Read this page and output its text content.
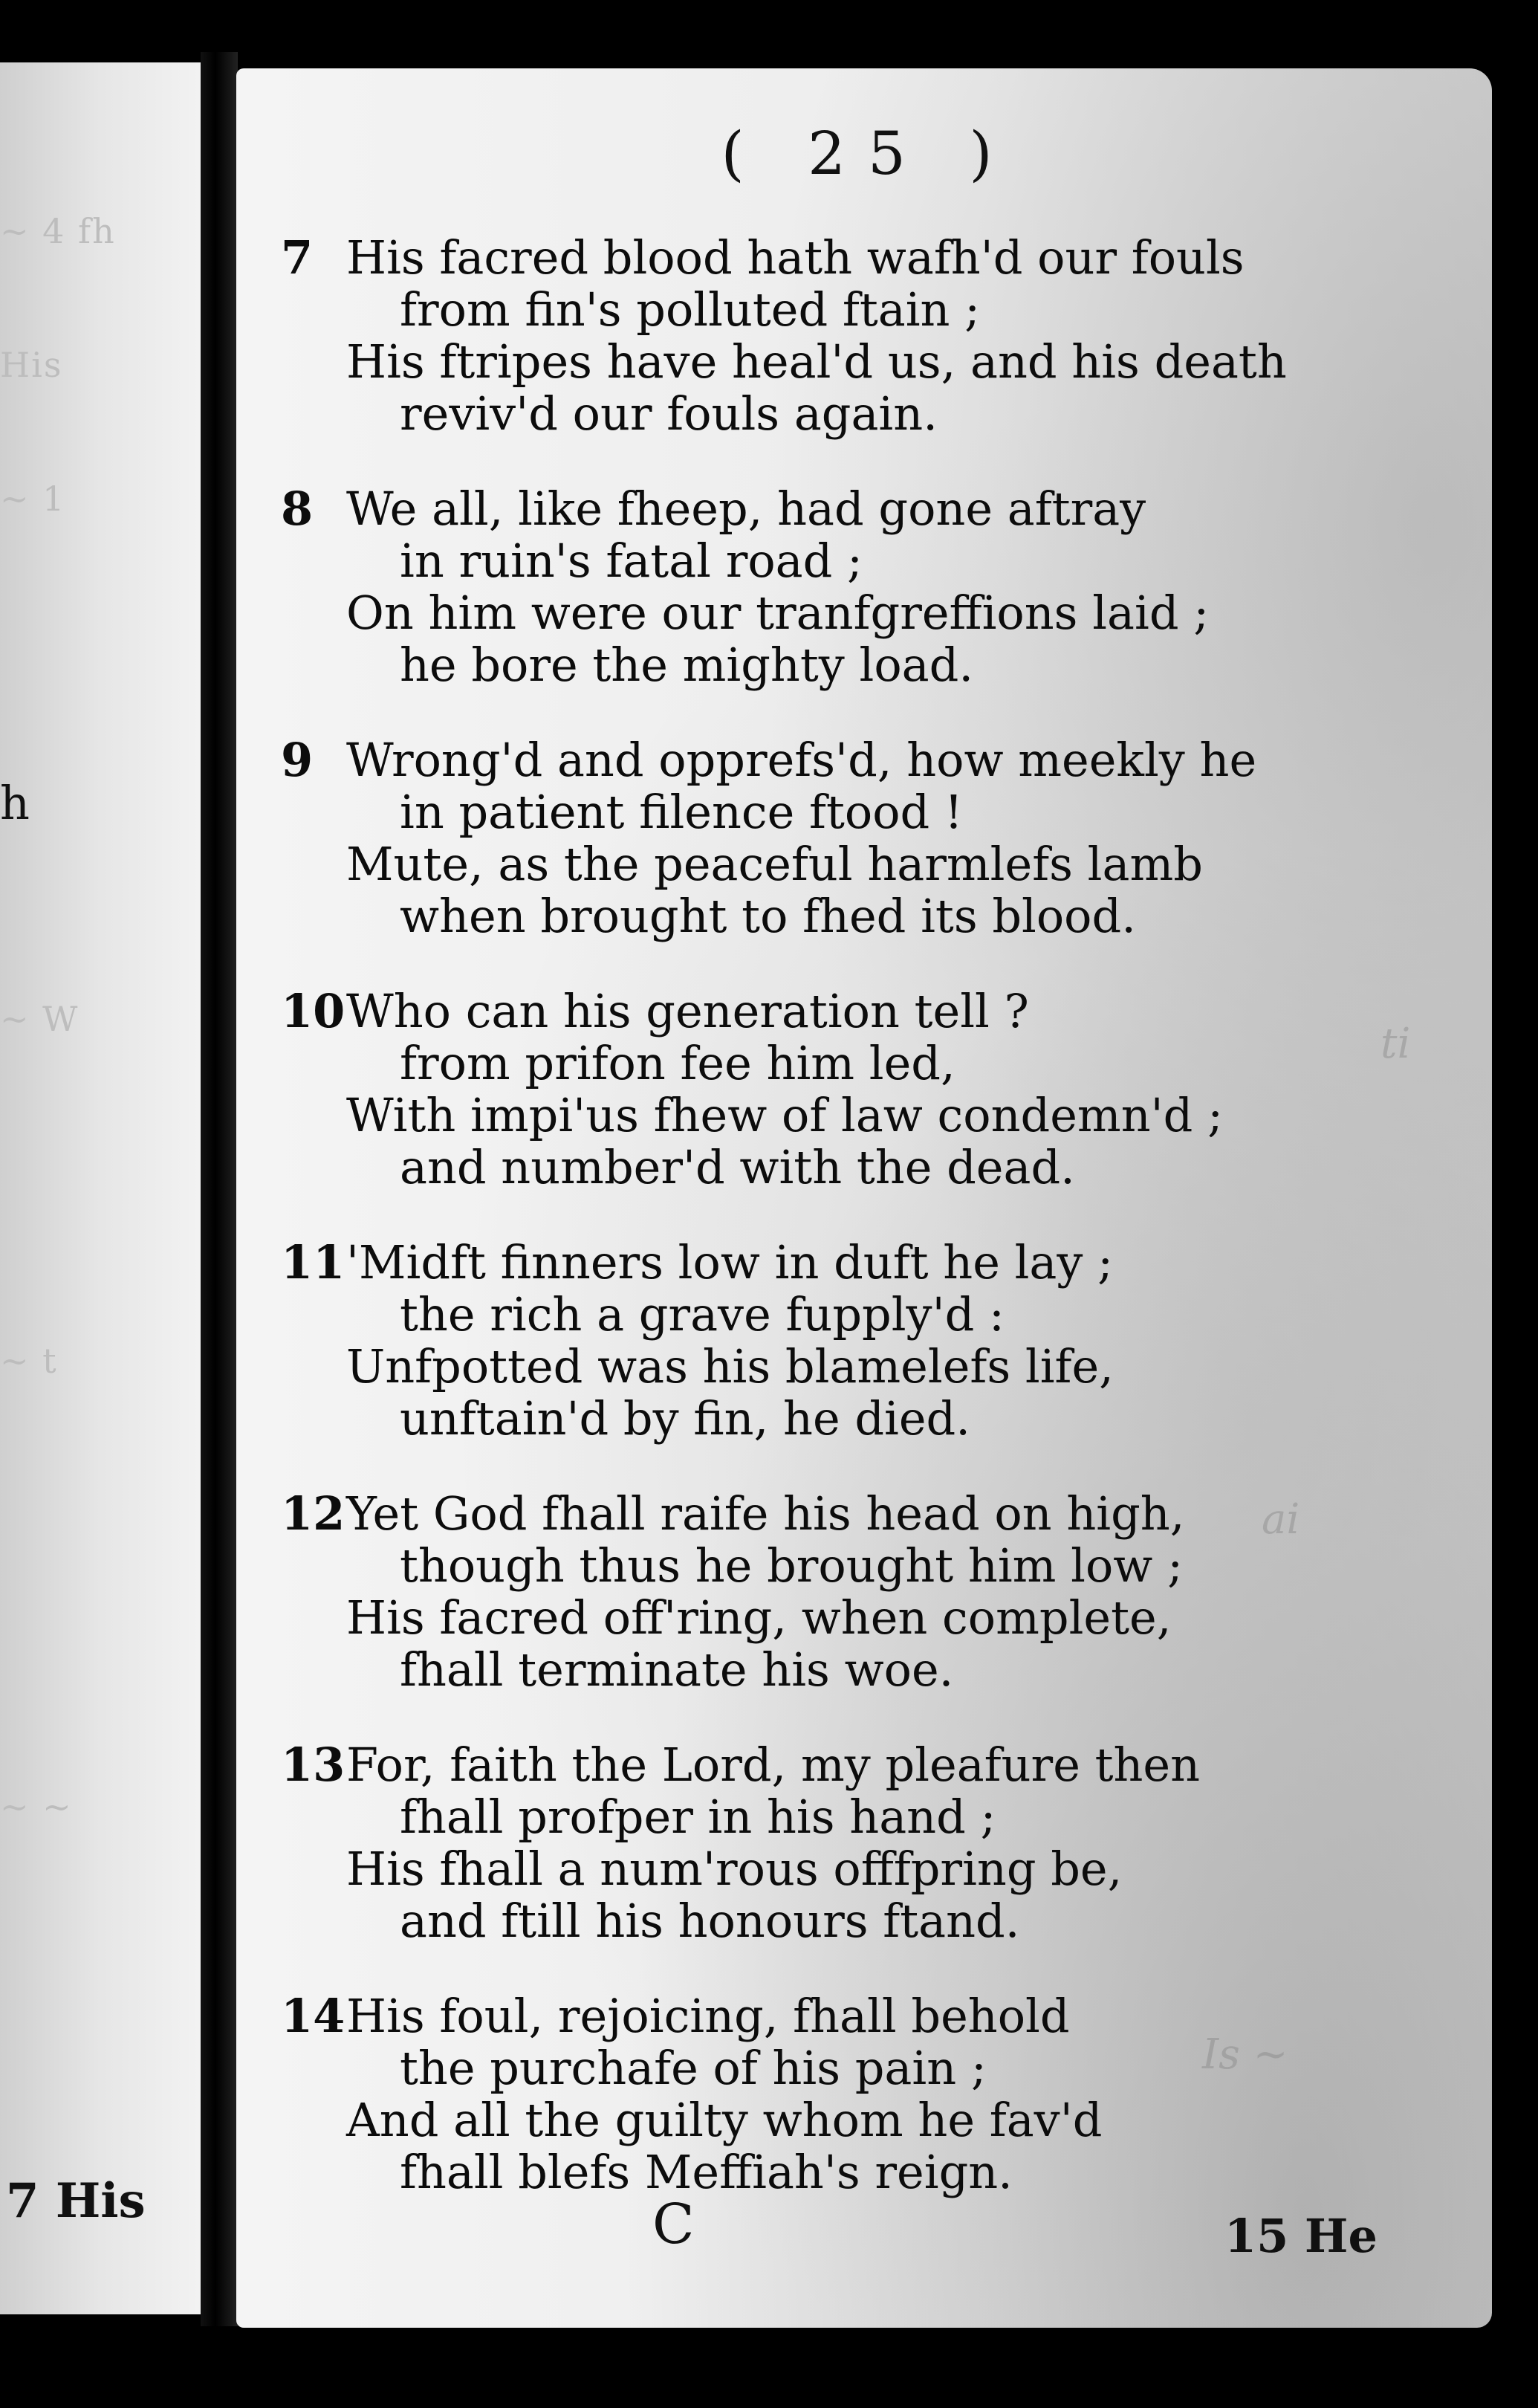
~ 4 fh
His
~ 1
~ W
~ t
~ ~
h
7 His
ti
ai
Is ~
( 25 )
7 His facred blood hath wafh'd our fouls
from fin's polluted ftain ;
His ftripes have heal'd us, and his death
reviv'd our fouls again.
8 We all, like fheep, had gone aftray
in ruin's fatal road ;
On him were our tranfgreffions laid ;
he bore the mighty load.
9 Wrong'd and opprefs'd, how meekly he
in patient filence ftood !
Mute, as the peaceful harmlefs lamb
when brought to fhed its blood.
10 Who can his generation tell ?
from prifon fee him led,
With impi'us fhew of law condemn'd ;
and number'd with the dead.
11 'Midft finners low in duft he lay ;
the rich a grave fupply'd :
Unfpotted was his blamelefs life,
unftain'd by fin, he died.
12 Yet God fhall raife his head on high,
though thus he brought him low ;
His facred off'ring, when complete,
fhall terminate his woe.
13 For, faith the Lord, my pleafure then
fhall profper in his hand ;
His fhall a num'rous offfpring be,
and ftill his honours ftand.
14 His foul, rejoicing, fhall behold
the purchafe of his pain ;
And all the guilty whom he fav'd
fhall blefs Meffiah's reign.
C	15 He
